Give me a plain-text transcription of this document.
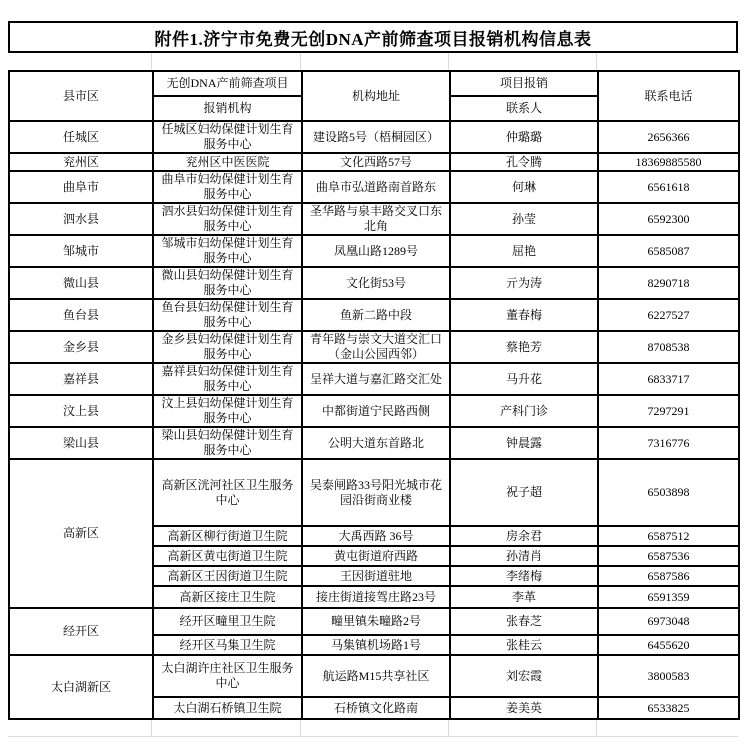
附件1.济宁市免费无创DNA产前筛查项目报销机构信息表
县市区	无创DNA产前筛查项目	机构地址	项目报销	联系电话
	报销机构		联系人	
任城区	任城区妇幼保健计划生育服务中心	建设路5号（梧桐园区）	仲璐璐	2656366
兖州区	兖州区中医医院	文化西路57号	孔令腾	18369885580
曲阜市	曲阜市妇幼保健计划生育服务中心	曲阜市弘道路南首路东	何琳	6561618
泗水县	泗水县妇幼保健计划生育服务中心	圣华路与泉丰路交叉口东北角	孙莹	6592300
邹城市	邹城市妇幼保健计划生育服务中心	凤凰山路1289号	屈艳	6585087
微山县	微山县妇幼保健计划生育服务中心	文化街53号	亓为涛	8290718
鱼台县	鱼台县妇幼保健计划生育服务中心	鱼新二路中段	董春梅	6227527
金乡县	金乡县妇幼保健计划生育服务中心	青年路与崇文大道交汇口（金山公园西邻）	蔡艳芳	8708538
嘉祥县	嘉祥县妇幼保健计划生育服务中心	呈祥大道与嘉汇路交汇处	马升花	6833717
汶上县	汶上县妇幼保健计划生育服务中心	中都街道宁民路西侧	产科门诊	7297291
梁山县	梁山县妇幼保健计划生育服务中心	公明大道东首路北	钟晨露	7316776
高新区	高新区洸河社区卫生服务中心	吴泰闸路33号阳光城市花园沿街商业楼	祝子超	6503898
	高新区柳行街道卫生院	大禹西路 36号	房余君	6587512
	高新区黄屯街道卫生院	黄屯街道府西路	孙清肖	6587536
	高新区王因街道卫生院	王因街道驻地	李绪梅	6587586
	高新区接庄卫生院	接庄街道接驾庄路23号	李革	6591359
经开区	经开区疃里卫生院	疃里镇朱疃路2号	张春芝	6973048
	经开区马集卫生院	马集镇机场路1号	张桂云	6455620
太白湖新区	太白湖许庄社区卫生服务中心	航运路M15共享社区	刘宏霞	3800583
	太白湖石桥镇卫生院	石桥镇文化路南	姜美英	6533825
